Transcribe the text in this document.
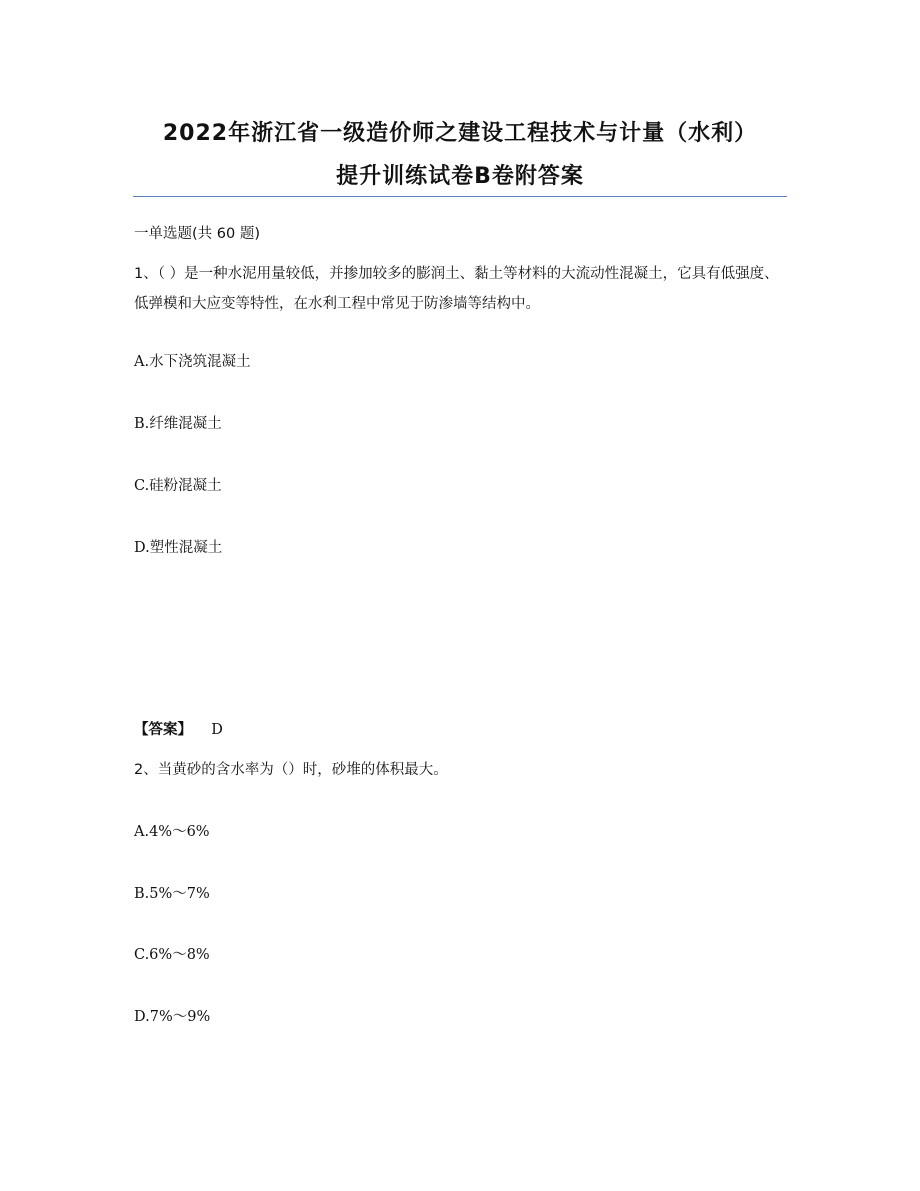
2022年浙江省一级造价师之建设工程技术与计量（水利）
提升训练试卷B卷附答案
一单选题(共 60 题)

1、（ ）是一种水泥用量较低，并掺加较多的膨润土、黏土等材料的大流动性混凝土，它具有低强度、低弹模和大应变等特性，在水利工程中常见于防渗墙等结构中。

A.水下浇筑混凝土
B.纤维混凝土
C.硅粉混凝土
D.塑性混凝土
【答案】 D
2、当黄砂的含水率为（）时，砂堆的体积最大。
A.4%～6%
B.5%～7%
C.6%～8%
D.7%～9%
